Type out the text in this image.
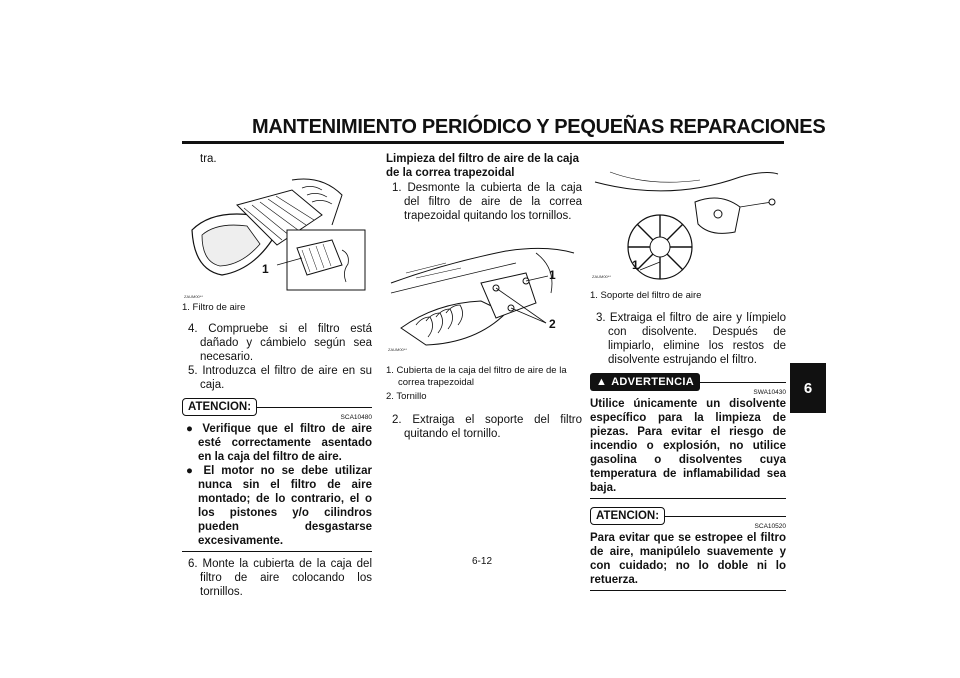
MANTENIMIENTO PERIÓDICO Y PEQUEÑAS REPARACIONES
6
tra.
1
ZAUM00**
1. Filtro de aire

4. Compruebe si el filtro está dañado y cámbielo según sea necesario.

5. Introduzca el filtro de aire en su caja.

ATENCION:
SCA10480

● Verifique que el filtro de aire esté correctamente asentado en la caja del filtro de aire.

● El motor no se debe utilizar nunca sin el filtro de aire montado; de lo contrario, el o los pistones y/o cilindros pueden desgastarse excesivamente.

6. Monte la cubierta de la caja del filtro de aire colocando los tornillos.

Limpieza del filtro de aire de la caja de la correa trapezoidal

1. Desmonte la cubierta de la caja del filtro de aire de la correa trapezoidal quitando los tornillos.

1
2
ZAUM00**
1. Cubierta de la caja del filtro de aire de la correa trapezoidal
2. Tornillo

2. Extraiga el soporte del filtro quitando el tornillo.

1
ZAUM00**
1. Soporte del filtro de aire

3. Extraiga el filtro de aire y límpielo con disolvente. Después de limpiarlo, elimine los restos de disolvente estrujando el filtro.

▲ ADVERTENCIA
SWA10430

Utilice únicamente un disolvente específico para la limpieza de piezas. Para evitar el riesgo de incendio o explosión, no utilice gasolina o disolventes cuya temperatura de inflamabilidad sea baja.

ATENCION:
SCA10520

Para evitar que se estropee el filtro de aire, manipúlelo suavemente y con cuidado; no lo doble ni lo retuerza.

6-12
